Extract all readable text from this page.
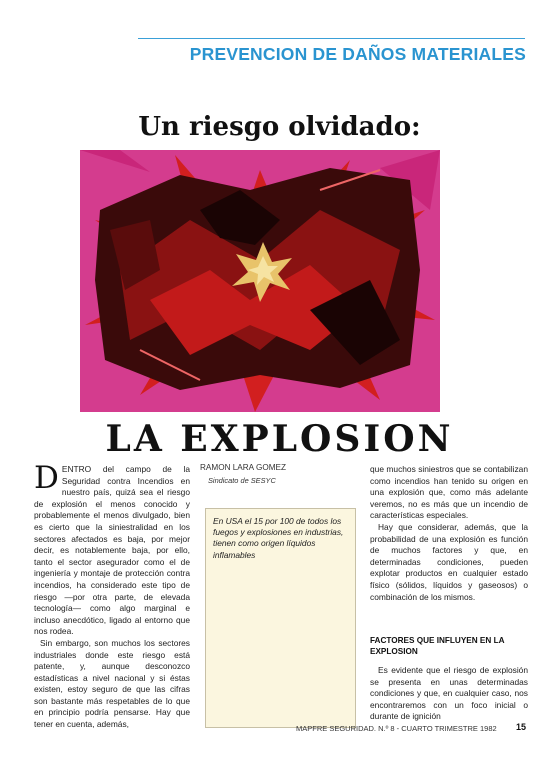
PREVENCION DE DAÑOS MATERIALES
Un riesgo olvidado:
LA EXPLOSION
D ENTRO del campo de la Seguridad contra Incendios en nuestro país, quizá sea el riesgo de explosión el menos conocido y probablemente el menos divulgado, bien es cierto que la siniestralidad en los sectores afectados es baja, por mejor decir, es notablemente baja, por ello, tanto el sector asegurador como el de ingeniería y montaje de protección contra incendios, ha considerado este tipo de riesgo —por otra parte, de elevada tecnología— como algo marginal e incluso anecdótico, ligado al entorno que nos rodea.

Sin embargo, son muchos los sectores industriales donde este riesgo está patente, y, aunque desconozco estadísticas a nivel nacional y si éstas existen, estoy seguro de que las cifras son bastante más respetables de lo que en principio podría pensarse. Hay que tener en cuenta, además,

RAMON LARA GOMEZ
Sindicato de SESYC
En USA el 15 por 100 de todos los fuegos y explosiones en industrias, tienen como origen líquidos inflamables

que muchos siniestros que se contabilizan como incendios han tenido su origen en una explosión que, como más adelante veremos, no es más que un incendio de características especiales.

Hay que considerar, además, que la probabilidad de una explosión es función de muchos factores y que, en determinadas condiciones, pueden explotar productos en cualquier estado físico (sólidos, líquidos y gaseosos) o combinación de los mismos.

FACTORES QUE INFLUYEN EN LA EXPLOSION

Es evidente que el riesgo de explosión se presenta en unas determinadas condiciones y que, en cualquier caso, nos encontraremos con un foco inicial o durante de ignición

MAPFRE SEGURIDAD. N.º 8 - CUARTO TRIMESTRE 1982 15
